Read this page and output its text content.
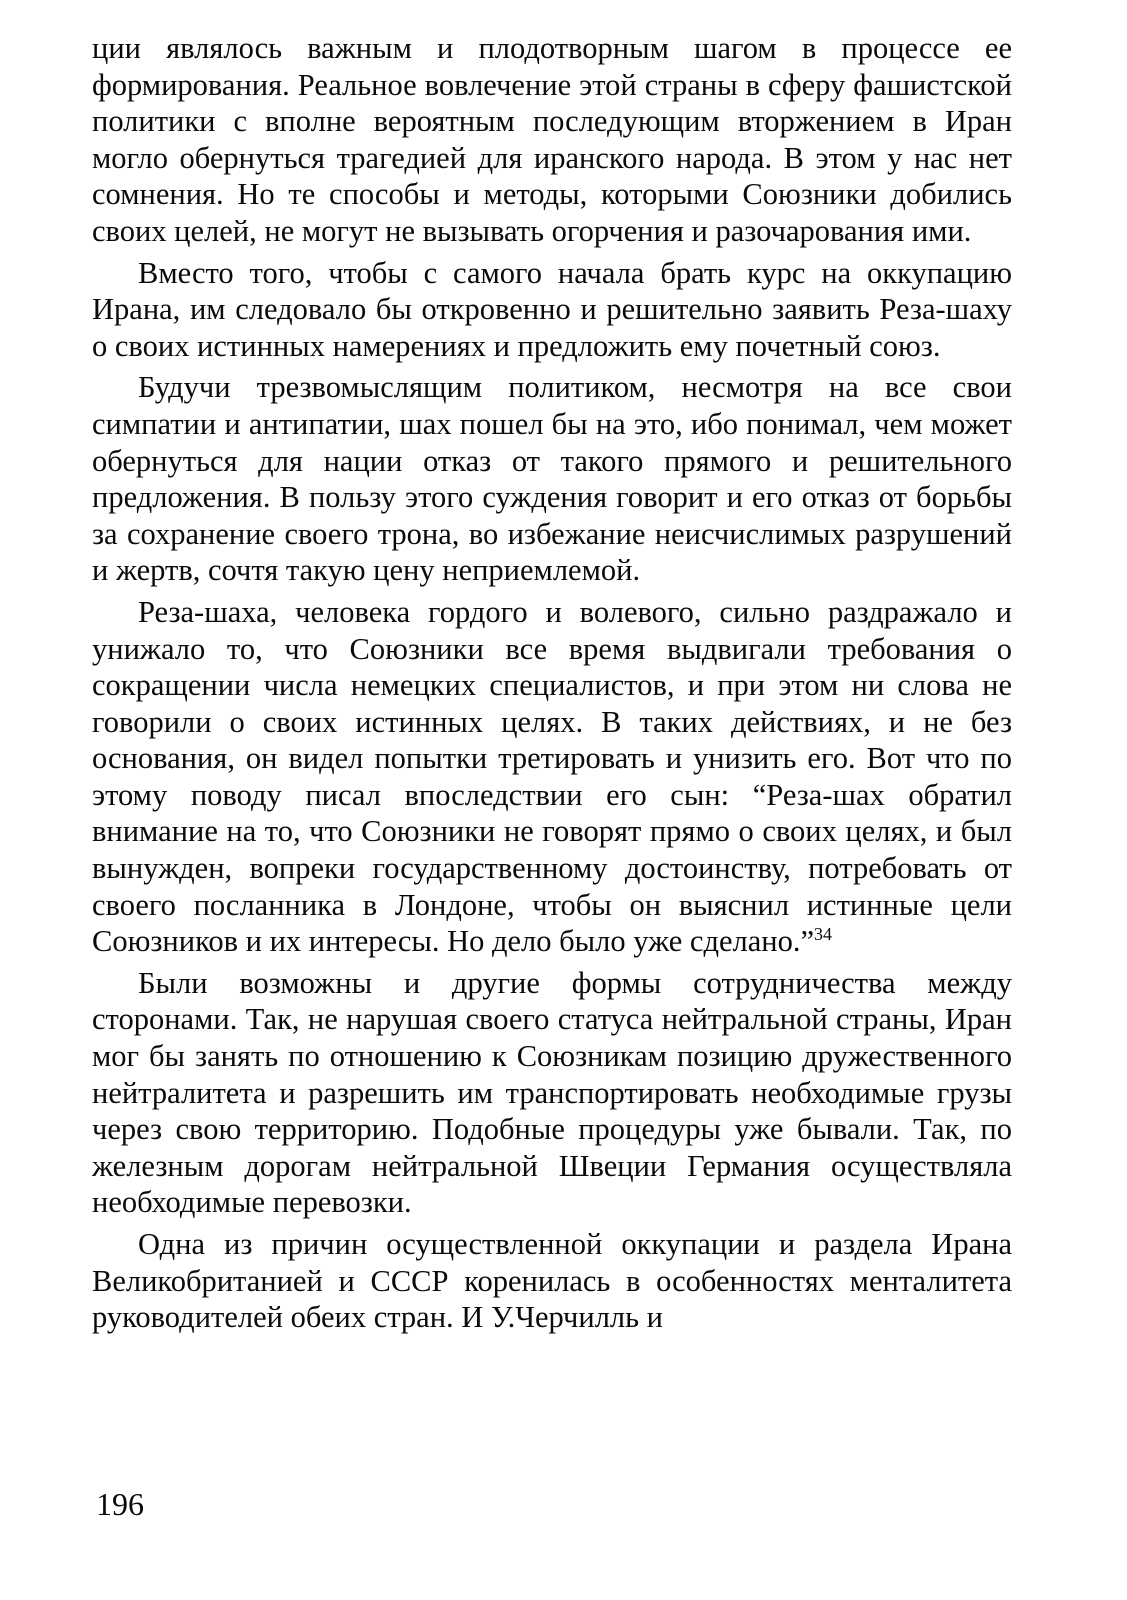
ции являлось важным и плодотворным шагом в процессе ее формирования. Реальное вовлечение этой страны в сферу фашистской политики с вполне вероятным последующим вторжением в Иран могло обернуться трагедией для иранского народа. В этом у нас нет сомнения. Но те способы и методы, которыми Союзники добились своих целей, не могут не вызывать огорчения и разочарования ими.

Вместо того, чтобы с самого начала брать курс на оккупацию Ирана, им следовало бы откровенно и решительно заявить Реза-шаху о своих истинных намерениях и предложить ему почетный союз.

Будучи трезвомыслящим политиком, несмотря на все свои симпатии и антипатии, шах пошел бы на это, ибо понимал, чем может обернуться для нации отказ от такого прямого и решительного предложения. В пользу этого суждения говорит и его отказ от борьбы за сохранение своего трона, во избежание неисчислимых разрушений и жертв, сочтя такую цену неприемлемой.

Реза-шаха, человека гордого и волевого, сильно раздражало и унижало то, что Союзники все время выдвигали требования о сокращении числа немецких специалистов, и при этом ни слова не говорили о своих истинных целях. В таких действиях, и не без основания, он видел попытки третировать и унизить его. Вот что по этому поводу писал впоследствии его сын: “Реза-шах обратил внимание на то, что Союзники не говорят прямо о своих целях, и был вынужден, вопреки государственному достоинству, потребовать от своего посланника в Лондоне, чтобы он выяснил истинные цели Союзников и их интересы. Но дело было уже сделано.”$^{34}$

Были возможны и другие формы сотрудничества между сторонами. Так, не нарушая своего статуса нейтральной страны, Иран мог бы занять по отношению к Союзникам позицию дружественного нейтралитета и разрешить им транспортировать необходимые грузы через свою территорию. Подобные процедуры уже бывали. Так, по железным дорогам нейтральной Швеции Германия осуществляла необходимые перевозки.

Одна из причин осуществленной оккупации и раздела Ирана Великобританией и СССР коренилась в особенностях менталитета руководителей обеих стран. И У.Черчилль и

196
